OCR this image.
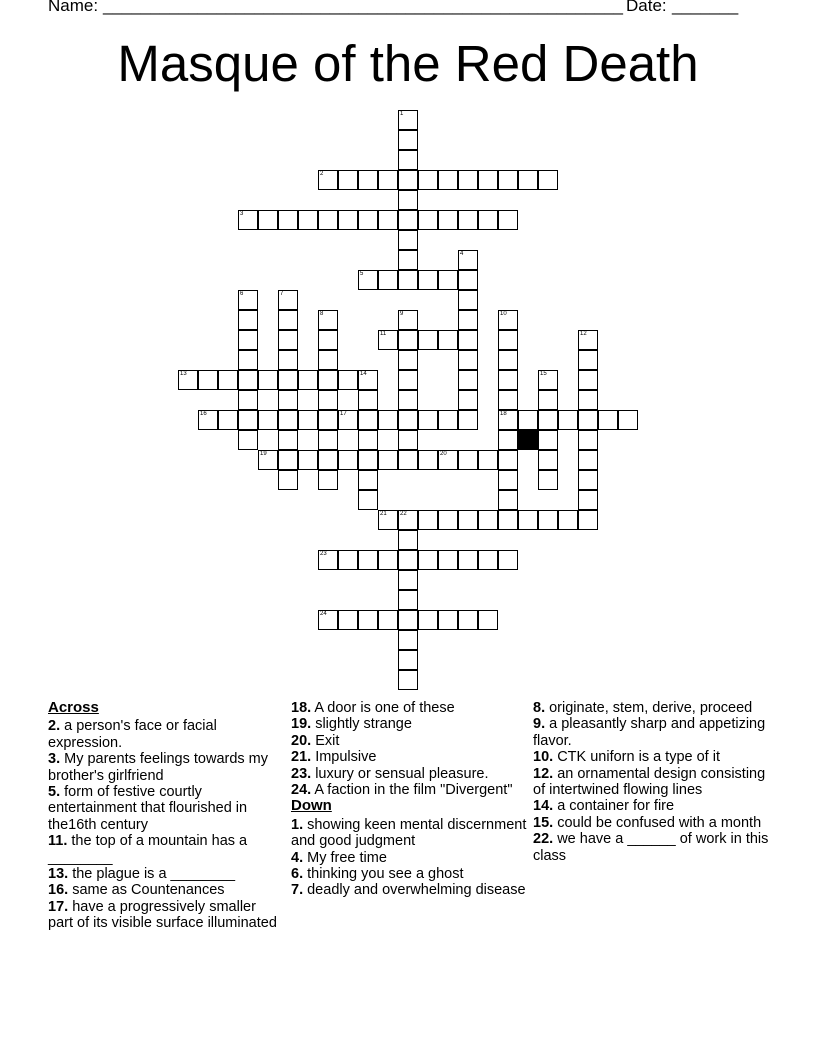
Name: _______________________________________________________ Date: _______
Masque of the Red Death
1
2
3
4
5
6	7
8	9	10
18
11	12
13	14	15
16	17
19	20
21 22
23
24
Across
2. a person's face or facial expression.
3. My parents feelings towards my brother's girlfriend
5. form of festive courtly entertainment that flourished in the16th century
11. the top of a mountain has a ________
13. the plague is a ________
16. same as Countenances
17. have a progressively smaller part of its visible surface illuminated
18. A door is one of these
19. slightly strange
20. Exit
21. Impulsive
23. luxury or sensual pleasure.
24. A faction in the film "Divergent"
Down
1. showing keen mental discernment and good judgment
4. My free time
6. thinking you see a ghost
7. deadly and overwhelming disease
8. originate, stem, derive, proceed
9. a pleasantly sharp and appetizing flavor.
10. CTK uniforn is a type of it
12. an ornamental design consisting of intertwined flowing lines
14. a container for fire
15. could be confused with a month
22. we have a ______ of work in this class
